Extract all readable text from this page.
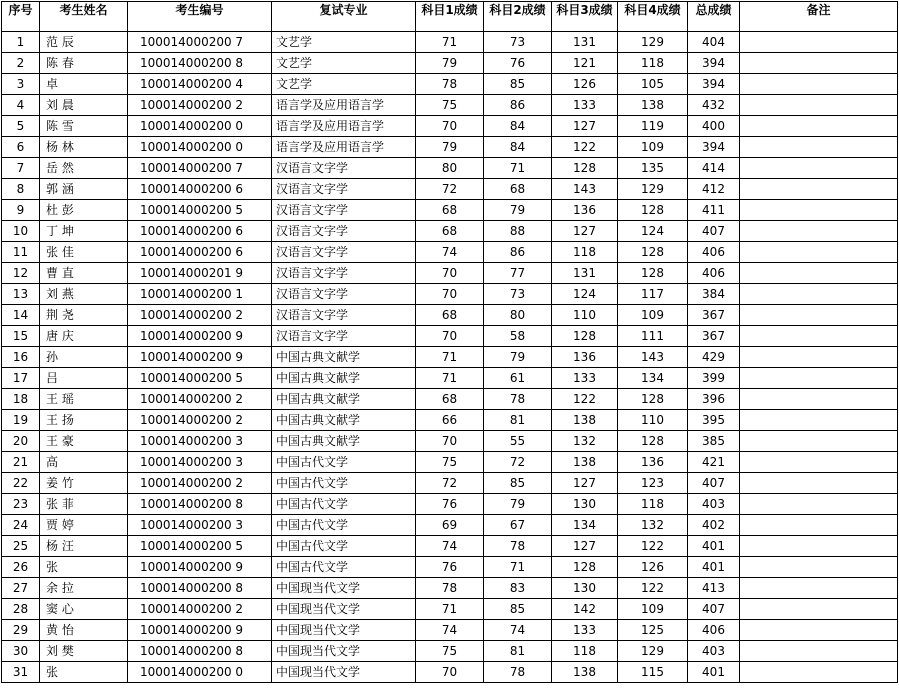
序号	考生姓名	考生编号	复试专业	科目1成绩	科目2成绩	科目3成绩	科目4成绩	总成绩	备注
1	范 辰	100014000200 7	文艺学	71	73	131	129	404	
2	陈 春	100014000200 8	文艺学	79	76	121	118	394	
3	卓	100014000200 4	文艺学	78	85	126	105	394	
4	刘 晨	100014000200 2	语言学及应用语言学	75	86	133	138	432	
5	陈 雪	100014000200 0	语言学及应用语言学	70	84	127	119	400	
6	杨 林	100014000200 0	语言学及应用语言学	79	84	122	109	394	
7	岳 然	100014000200 7	汉语言文字学	80	71	128	135	414	
8	郭 涵	100014000200 6	汉语言文字学	72	68	143	129	412	
9	杜 彭	100014000200 5	汉语言文字学	68	79	136	128	411	
10	丁 坤	100014000200 6	汉语言文字学	68	88	127	124	407	
11	张 佳	100014000200 6	汉语言文字学	74	86	118	128	406	
12	曹 直	100014000201 9	汉语言文字学	70	77	131	128	406	
13	刘 燕	100014000200 1	汉语言文字学	70	73	124	117	384	
14	荆 尧	100014000200 2	汉语言文字学	68	80	110	109	367	
15	唐 庆	100014000200 9	汉语言文字学	70	58	128	111	367	
16	孙	100014000200 9	中国古典文献学	71	79	136	143	429	
17	吕	100014000200 5	中国古典文献学	71	61	133	134	399	
18	王 瑶	100014000200 2	中国古典文献学	68	78	122	128	396	
19	王 扬	100014000200 2	中国古典文献学	66	81	138	110	395	
20	王 豪	100014000200 3	中国古典文献学	70	55	132	128	385	
21	高	100014000200 3	中国古代文学	75	72	138	136	421	
22	姜 竹	100014000200 2	中国古代文学	72	85	127	123	407	
23	张 菲	100014000200 8	中国古代文学	76	79	130	118	403	
24	贾 婷	100014000200 3	中国古代文学	69	67	134	132	402	
25	杨 汪	100014000200 5	中国古代文学	74	78	127	122	401	
26	张	100014000200 9	中国古代文学	76	71	128	126	401	
27	余 拉	100014000200 8	中国现当代文学	78	83	130	122	413	
28	窦 心	100014000200 2	中国现当代文学	71	85	142	109	407	
29	黄 怡	100014000200 9	中国现当代文学	74	74	133	125	406	
30	刘 樊	100014000200 8	中国现当代文学	75	81	118	129	403	
31	张	100014000200 0	中国现当代文学	70	78	138	115	401	
